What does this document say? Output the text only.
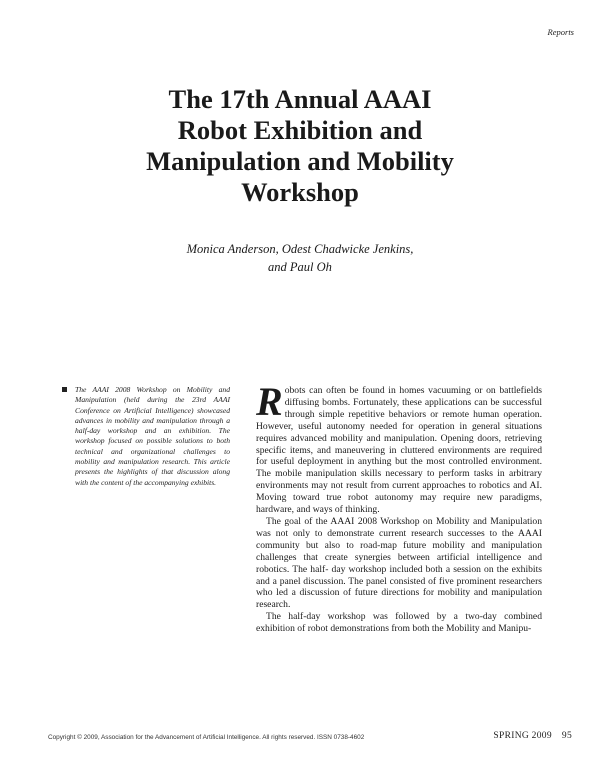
Reports
The 17th Annual AAAI
Robot Exhibition and
Manipulation and Mobility
Workshop
Monica Anderson, Odest Chadwicke Jenkins,
and Paul Oh
The AAAI 2008 Workshop on Mobility and Manipulation (held during the 23rd AAAI Conference on Artificial Intelligence) showcased advances in mobility and manipulation through a half-day workshop and an exhibition. The workshop focused on possible solutions to both technical and organizational challenges to mobility and manipulation research. This article presents the highlights of that discussion along with the content of the accompanying exhibits.

Robots can often be found in homes vacuuming or on battlefields diffusing bombs. Fortunately, these applications can be successful through simple repetitive behaviors or remote human operation. However, useful autonomy needed for operation in general situations requires advanced mobility and manipulation. Opening doors, retrieving specific items, and maneuvering in cluttered environments are required for useful deployment in anything but the most controlled environment. The mobile manipulation skills necessary to perform tasks in arbitrary environments may not result from current approaches to robotics and AI. Moving toward true robot autonomy may require new paradigms, hardware, and ways of thinking.

The goal of the AAAI 2008 Workshop on Mobility and Manipulation was not only to demonstrate current research successes to the AAAI community but also to road-map future mobility and manipulation challenges that create synergies between artificial intelligence and robotics. The half- day workshop included both a session on the exhibits and a panel discussion. The panel consisted of five prominent researchers who led a discussion of future directions for mobility and manipulation research.

The half-day workshop was followed by a two-day combined exhibition of robot demonstrations from both the Mobility and Manipu-

Copyright © 2009, Association for the Advancement of Artificial Intelligence. All rights reserved. ISSN 0738-4602	SPRING 2009 95
